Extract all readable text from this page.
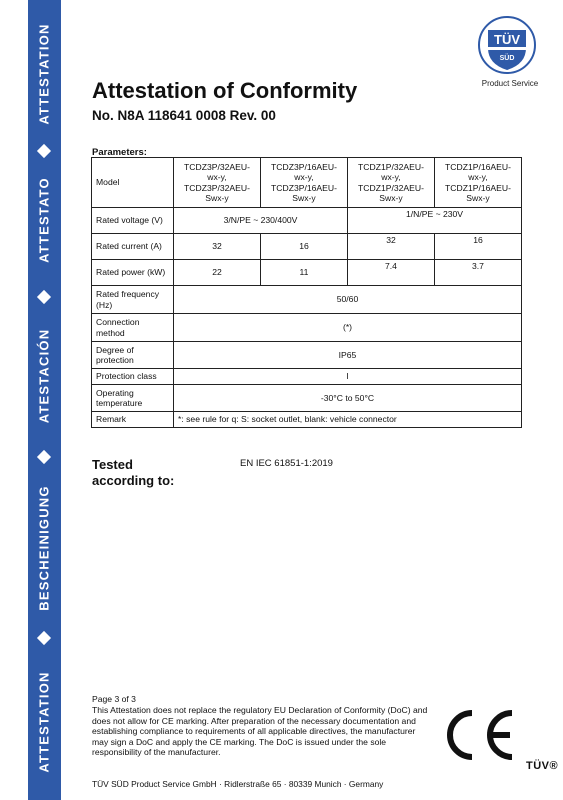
ATTESTATION
ATTESTATO
ATESTACIÓN
BESCHEINIGUNG
ATTESTATION
TÜV
SÜD
Product Service
Attestation of Conformity
No. N8A 118641 0008 Rev. 00
Parameters:
Model	TCDZ3P/32AEU-wx-y, TCDZ3P/32AEU-Swx-y	TCDZ3P/16AEU-wx-y, TCDZ3P/16AEU-Swx-y	TCDZ1P/32AEU-wx-y, TCDZ1P/32AEU-Swx-y	TCDZ1P/16AEU-wx-y, TCDZ1P/16AEU-Swx-y
Rated voltage (V)	3/N/PE ~ 230/400V		1/N/PE ~ 230V	
Rated current (A)	32	16	32	16
Rated power (kW)	22	11	7.4	3.7
Rated frequency (Hz)	50/60			
Connection method	(*)			
Degree of protection	IP65			
Protection class	I			
Operating temperature	-30°C to 50°C			
Remark	*: see rule for q: S: socket outlet, blank: vehicle connector			
Tested
according to:
EN IEC 61851-1:2019
Page 3 of 3
This Attestation does not replace the regulatory EU Declaration of Conformity (DoC) and does not allow for CE marking. After preparation of the necessary documentation and establishing compliance to requirements of all applicable directives, the manufacturer may sign a DoC and apply the CE marking. The DoC is issued under the sole responsibility of the manufacturer.
TÜV SÜD Product Service GmbH · Ridlerstraße 65 · 80339 Munich · Germany
TÜV®
